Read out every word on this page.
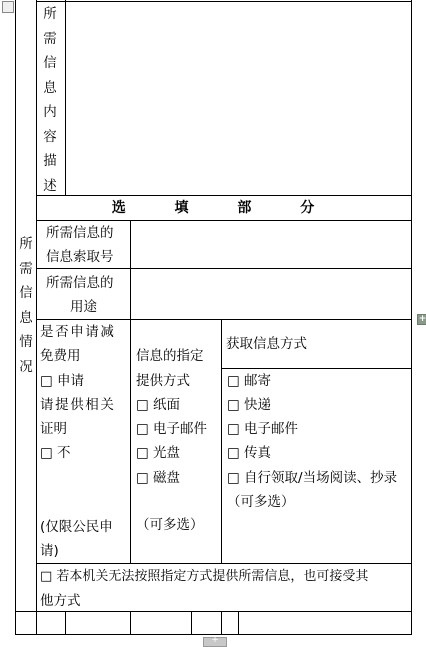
所需信息情况
所需信息内容描述
选 填 部 分
所需信息的
信息索取号
所需信息的
用途
是否申请减
免费用
□ 申请
请提供相关
证明
□ 不
(仅限公民申
请)
信息的指定
提供方式
□ 纸面
□ 电子邮件
□ 光盘
□ 磁盘
（可多选）
获取信息方式
□ 邮寄
□ 快递
□ 电子邮件
□ 传真
□ 自行领取/当场阅读、抄录
（可多选）
□ 若本机关无法按照指定方式提供所需信息，也可接受其
他方式
+
+
